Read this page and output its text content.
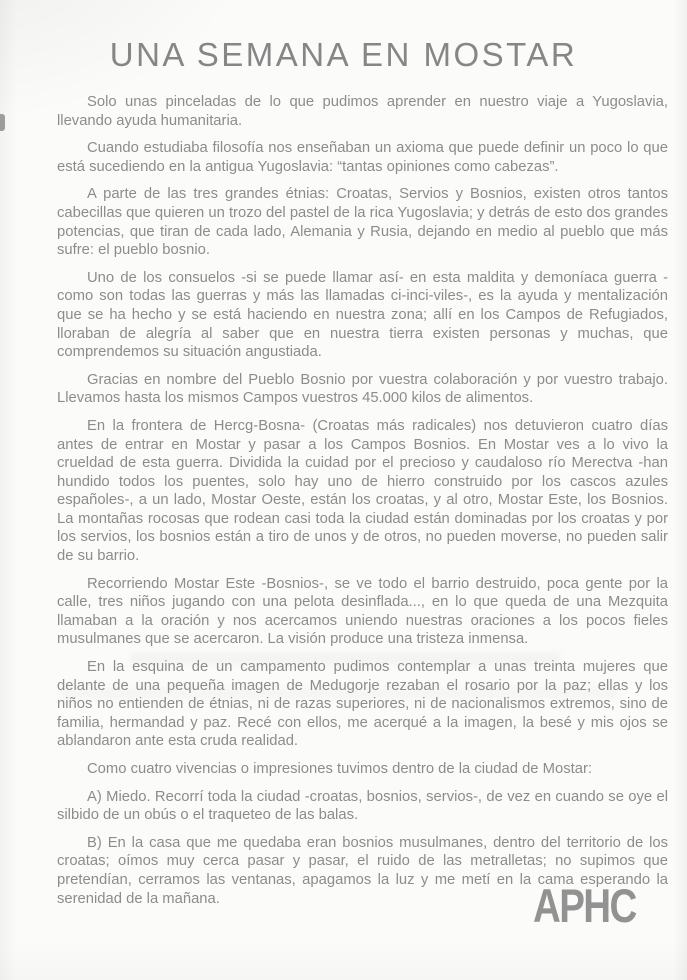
UNA SEMANA EN MOSTAR

Solo unas pinceladas de lo que pudimos aprender en nuestro viaje a Yugoslavia, llevando ayuda humanitaria.

Cuando estudiaba filosofía nos enseñaban un axioma que puede definir un poco lo que está sucediendo en la antigua Yugoslavia: “tantas opiniones como cabezas”.

A parte de las tres grandes étnias: Croatas, Servios y Bosnios, existen otros tantos cabecillas que quieren un trozo del pastel de la rica Yugoslavia; y detrás de esto dos grandes potencias, que tiran de cada lado, Alemania y Rusia, dejando en medio al pueblo que más sufre: el pueblo bosnio.

Uno de los consuelos -si se puede llamar así- en esta maldita y demoníaca guerra -como son todas las guerras y más las llamadas ci-inci-viles-, es la ayuda y mentalización que se ha hecho y se está haciendo en nuestra zona; allí en los Campos de Refugiados, lloraban de alegría al saber que en nuestra tierra existen personas y muchas, que comprendemos su situación angustiada.

Gracias en nombre del Pueblo Bosnio por vuestra colaboración y por vuestro trabajo. Llevamos hasta los mismos Campos vuestros 45.000 kilos de alimentos.

En la frontera de Hercg-Bosna- (Croatas más radicales) nos detuvieron cuatro días antes de entrar en Mostar y pasar a los Campos Bosnios. En Mostar ves a lo vivo la crueldad de esta guerra. Dividida la cuidad por el precioso y caudaloso río Merectva -han hundido todos los puentes, solo hay uno de hierro construido por los cascos azules españoles-, a un lado, Mostar Oeste, están los croatas, y al otro, Mostar Este, los Bosnios. La montañas rocosas que rodean casi toda la ciudad están dominadas por los croatas y por los servios, los bosnios están a tiro de unos y de otros, no pueden moverse, no pueden salir de su barrio.

Recorriendo Mostar Este -Bosnios-, se ve todo el barrio destruido, poca gente por la calle, tres niños jugando con una pelota desinflada..., en lo que queda de una Mezquita llamaban a la oración y nos acercamos uniendo nuestras oraciones a los pocos fieles musulmanes que se acercaron. La visión produce una tristeza inmensa.

En la esquina de un campamento pudimos contemplar a unas treinta mujeres que delante de una pequeña imagen de Medugorje rezaban el rosario por la paz; ellas y los niños no entienden de étnias, ni de razas superiores, ni de nacionalismos extremos, sino de familia, hermandad y paz. Recé con ellos, me acerqué a la imagen, la besé y mis ojos se ablandaron ante esta cruda realidad.

Como cuatro vivencias o impresiones tuvimos dentro de la ciudad de Mostar:

A) Miedo. Recorrí toda la ciudad -croatas, bosnios, servios-, de vez en cuando se oye el silbido de un obús o el traqueteo de las balas.

B) En la casa que me quedaba eran bosnios musulmanes, dentro del territorio de los croatas; oímos muy cerca pasar y pasar, el ruido de las metralletas; no supimos que pretendían, cerramos las ventanas, apagamos la luz y me metí en la cama esperando la serenidad de la mañana.	APHC
